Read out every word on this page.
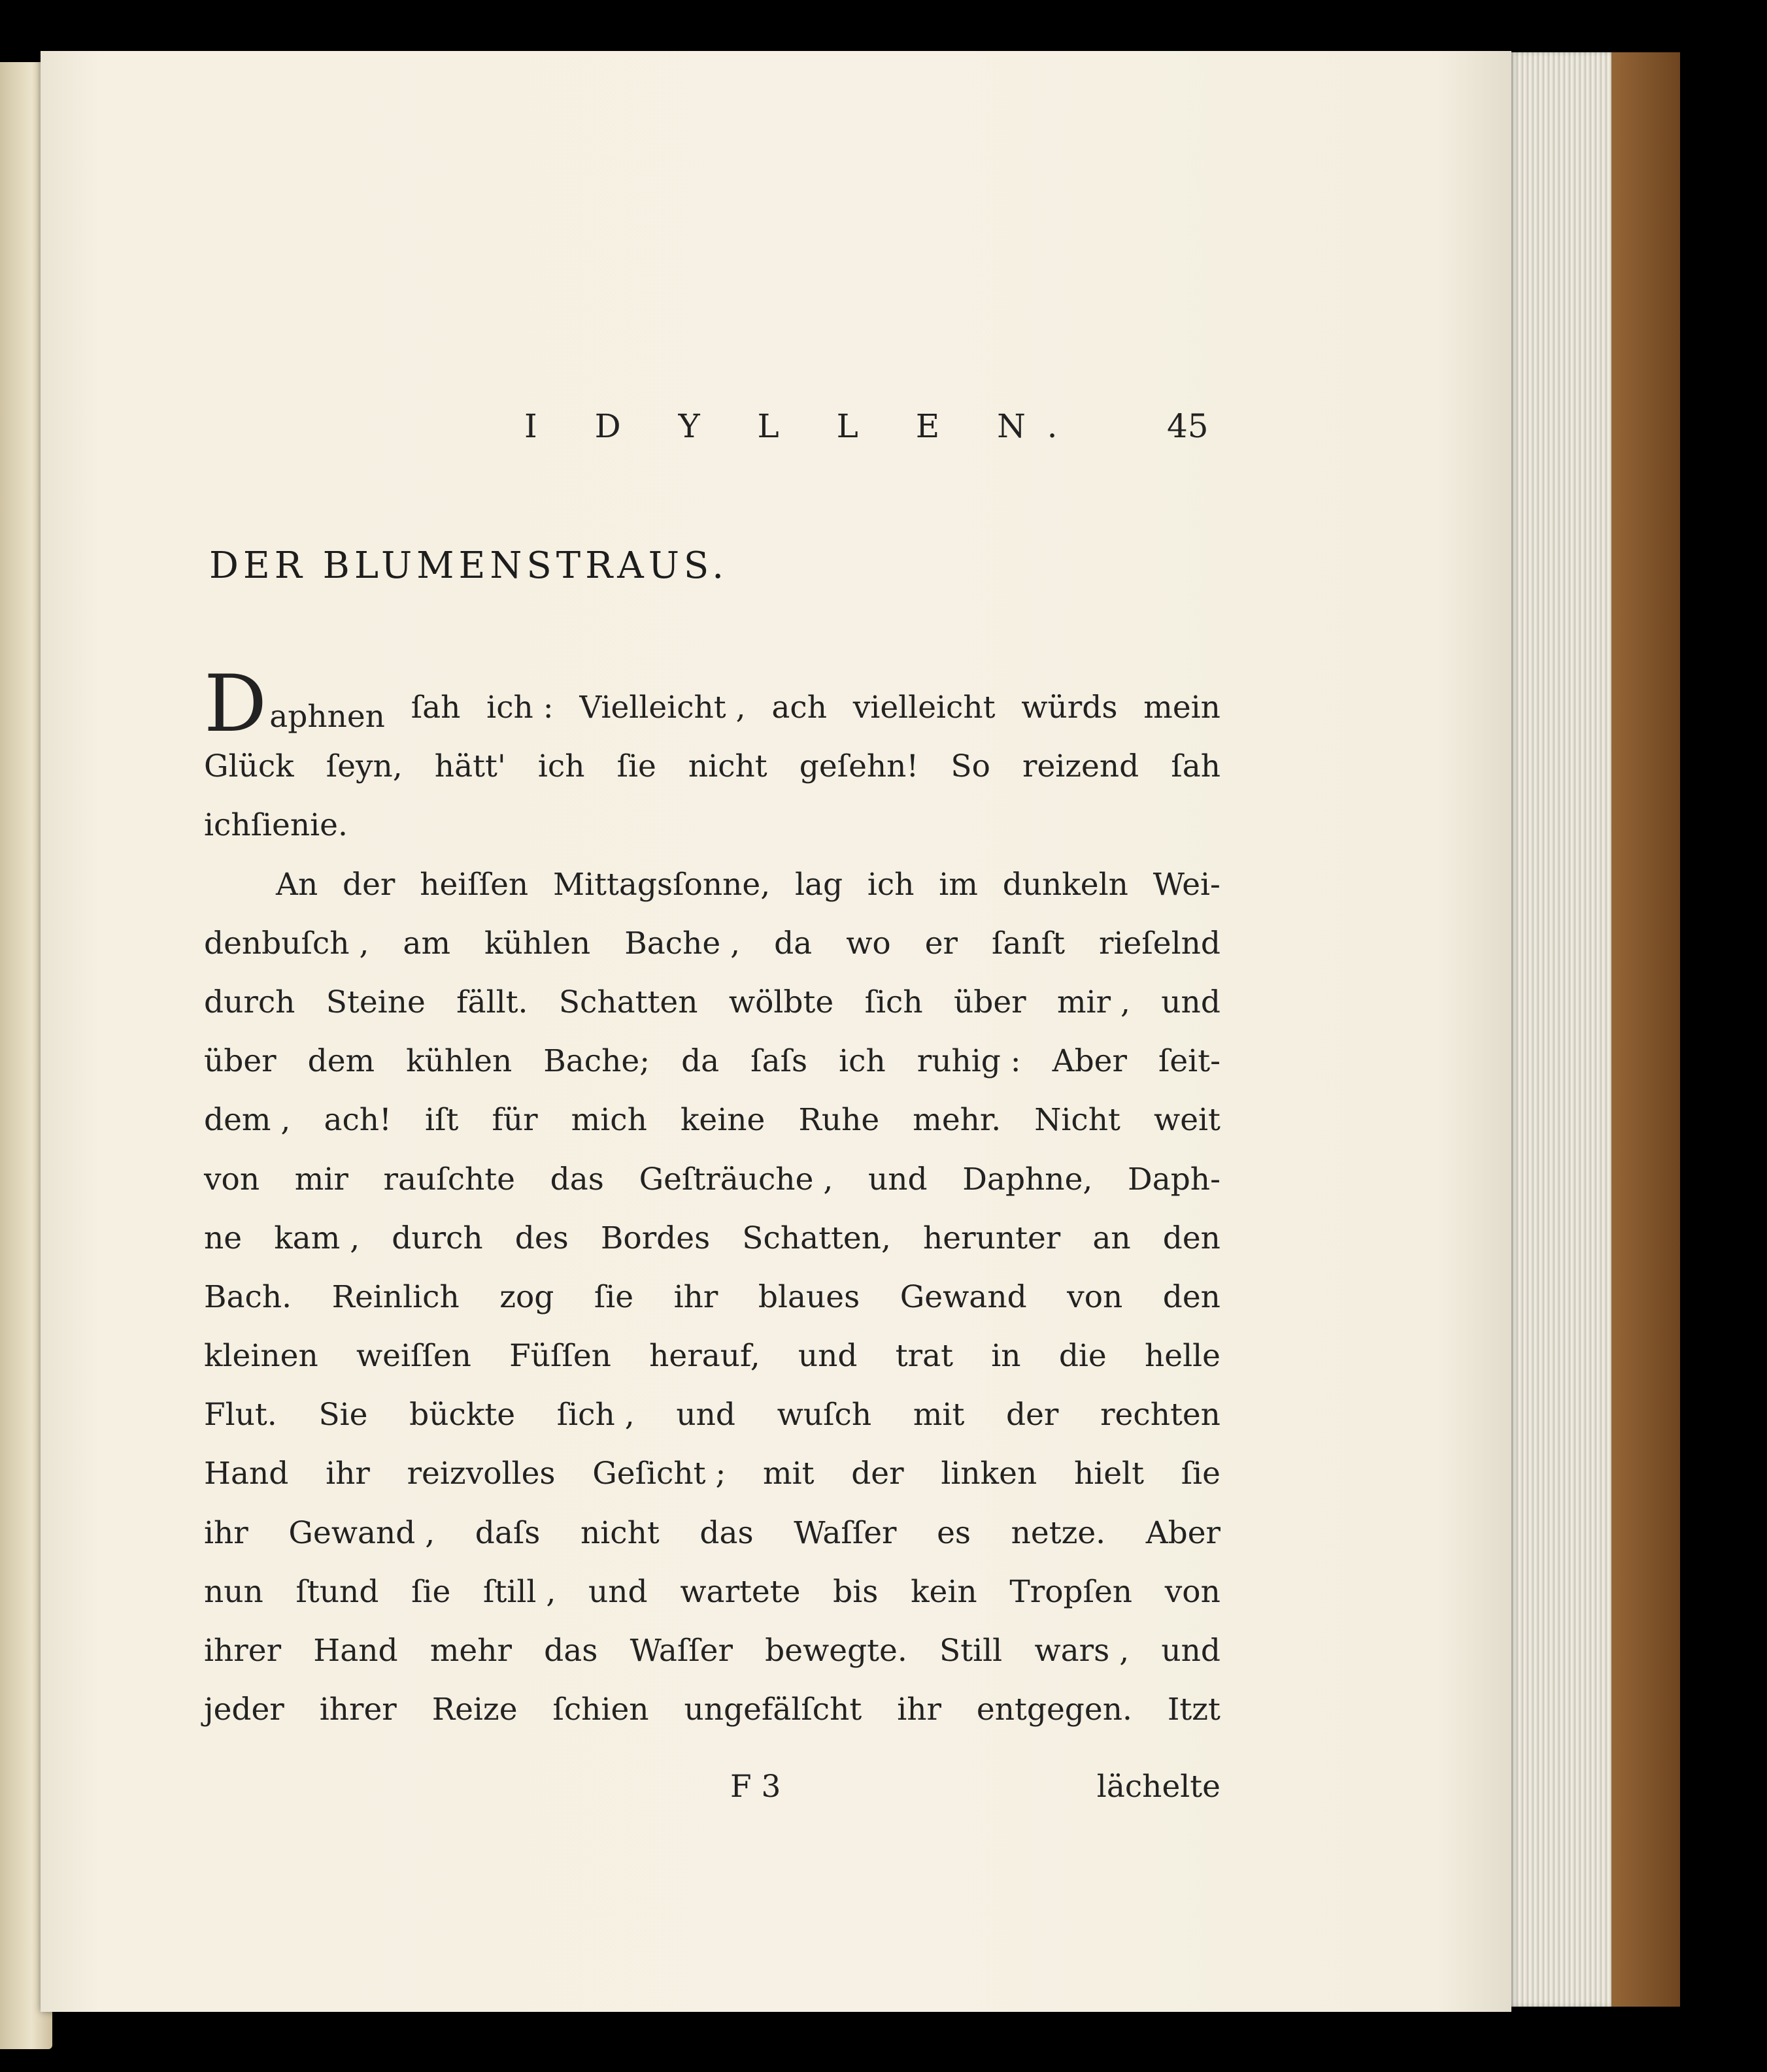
I D Y L L E N.	45
DER BLUMENSTRAUS.
Daphnen ſah ich : Vielleicht , ach vielleicht würds mein
Glück ſeyn, hätt' ich ſie nicht geſehn! So reizend ſah
ich ſie nie.
An der heiſſen Mittagsſonne, lag ich im dunkeln Wei-
denbuſch , am kühlen Bache , da wo er ſanſt rieſelnd
durch Steine fällt. Schatten wölbte ſich über mir , und
über dem kühlen Bache; da ſaſs ich ruhig : Aber ſeit-
dem , ach! iſt für mich keine Ruhe mehr. Nicht weit
von mir rauſchte das Geſträuche , und Daphne, Daph-
ne kam , durch des Bordes Schatten, herunter an den
Bach. Reinlich zog ſie ihr blaues Gewand von den
kleinen weiſſen Füſſen herauf, und trat in die helle
Flut. Sie bückte ſich , und wuſch mit der rechten
Hand ihr reizvolles Geſicht ; mit der linken hielt ſie
ihr Gewand , daſs nicht das Waſſer es netze. Aber
nun ſtund ſie ſtill , und wartete bis kein Tropſen von
ihrer Hand mehr das Waſſer bewegte. Still wars , und
jeder ihrer Reize ſchien ungefälſcht ihr entgegen. Itzt
F 3	lächelte
